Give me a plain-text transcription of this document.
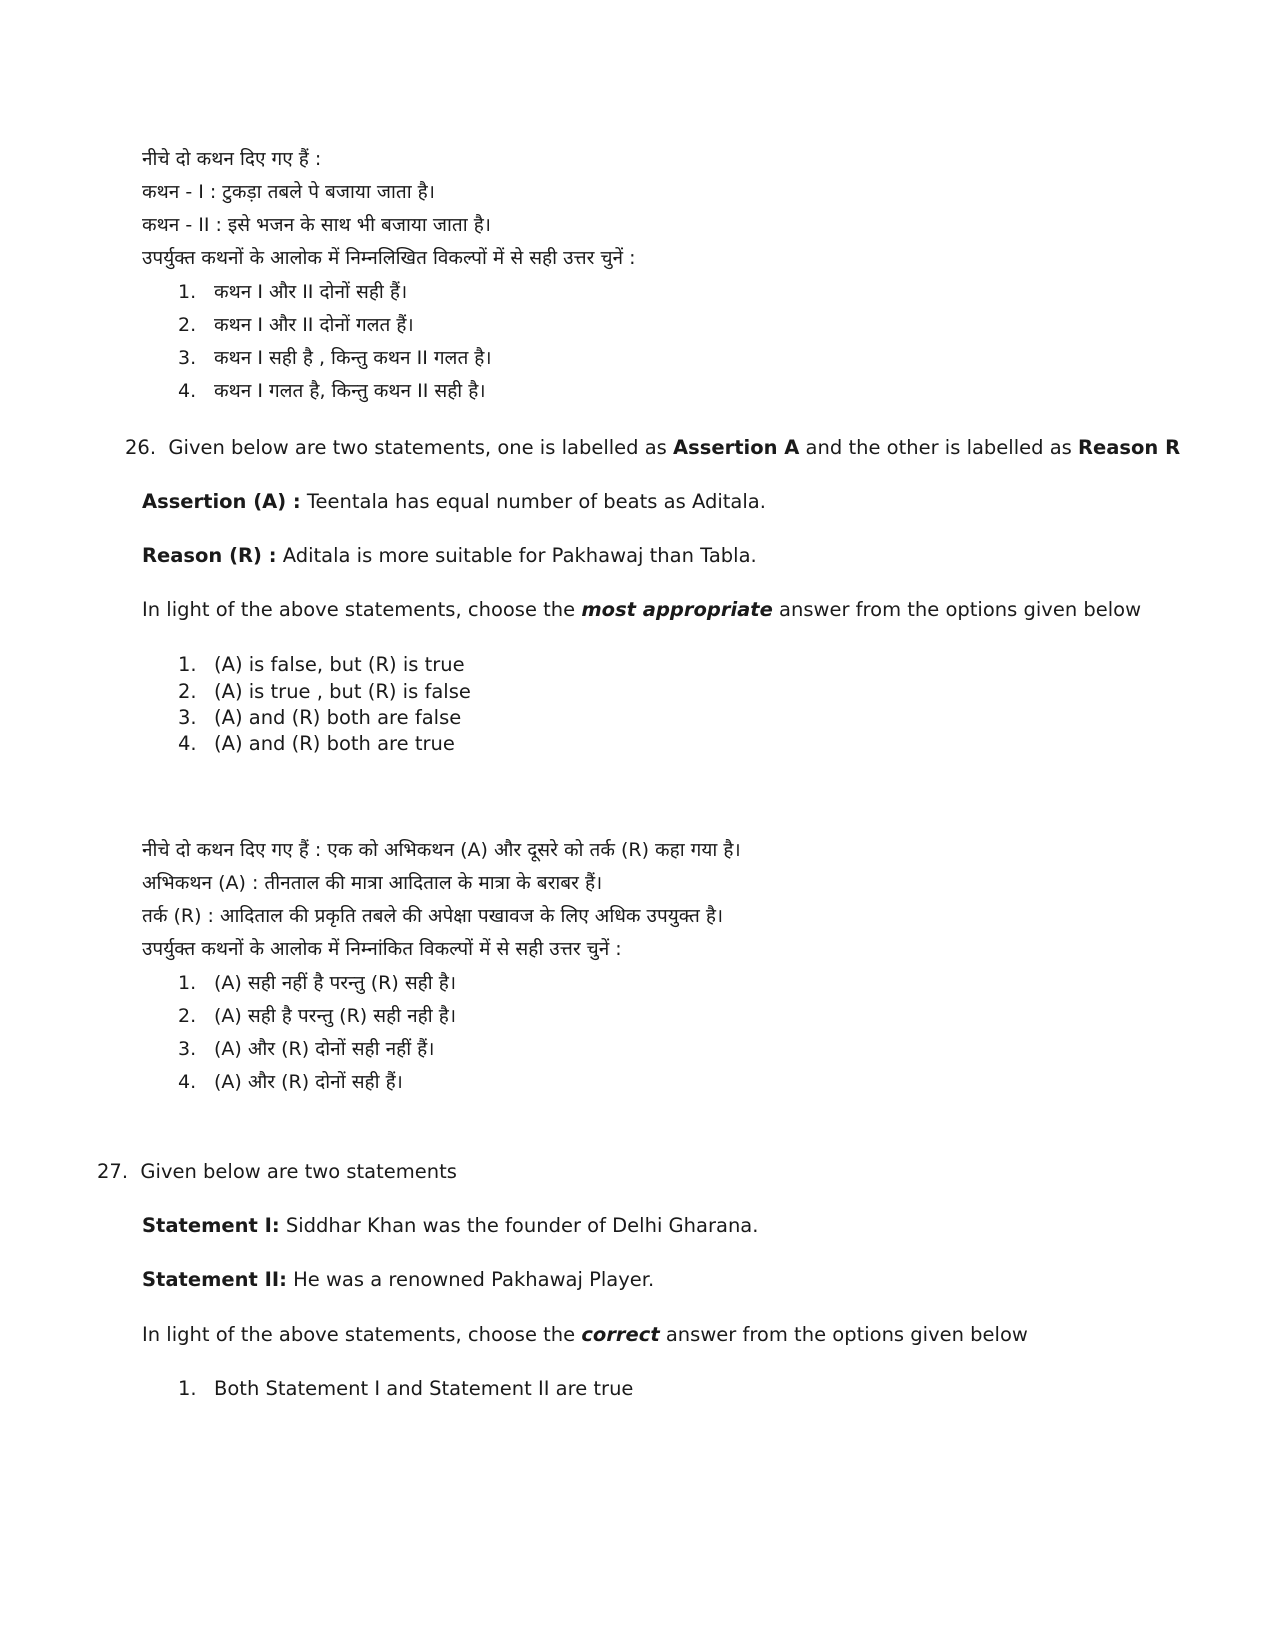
नीचे दो कथन दिए गए हैं :
कथन - I : टुकड़ा तबले पे बजाया जाता है।
कथन - II : इसे भजन के साथ भी बजाया जाता है।
उपर्युक्त कथनों के आलोक में निम्नलिखित विकल्पों में से सही उत्तर चुनें :
1. कथन I और II दोनों सही हैं।
2. कथन I और II दोनों गलत हैं।
3. कथन I सही है , किन्तु कथन II गलत है।
4. कथन I गलत है, किन्तु कथन II सही है।
26. Given below are two statements, one is labelled as Assertion A and the other is labelled as Reason R
Assertion (A) : Teentala has equal number of beats as Aditala.
Reason (R) : Aditala is more suitable for Pakhawaj than Tabla.
In light of the above statements, choose the most appropriate answer from the options given below
1. (A) is false, but (R) is true
2. (A) is true , but (R) is false
3. (A) and (R) both are false
4. (A) and (R) both are true
नीचे दो कथन दिए गए हैं : एक को अभिकथन (A) और दूसरे को तर्क (R) कहा गया है।
अभिकथन (A) : तीनताल की मात्रा आदिताल के मात्रा के बराबर हैं।
तर्क (R) : आदिताल की प्रकृति तबले की अपेक्षा पखावज के लिए अधिक उपयुक्त है।
उपर्युक्त कथनों के आलोक में निम्नांकित विकल्पों में से सही उत्तर चुनें :
1. (A) सही नहीं है परन्तु (R) सही है।
2. (A) सही है परन्तु (R) सही नही है।
3. (A) और (R) दोनों सही नहीं हैं।
4. (A) और (R) दोनों सही हैं।
27. Given below are two statements
Statement I: Siddhar Khan was the founder of Delhi Gharana.
Statement II: He was a renowned Pakhawaj Player.
In light of the above statements, choose the correct answer from the options given below
1. Both Statement I and Statement II are true
